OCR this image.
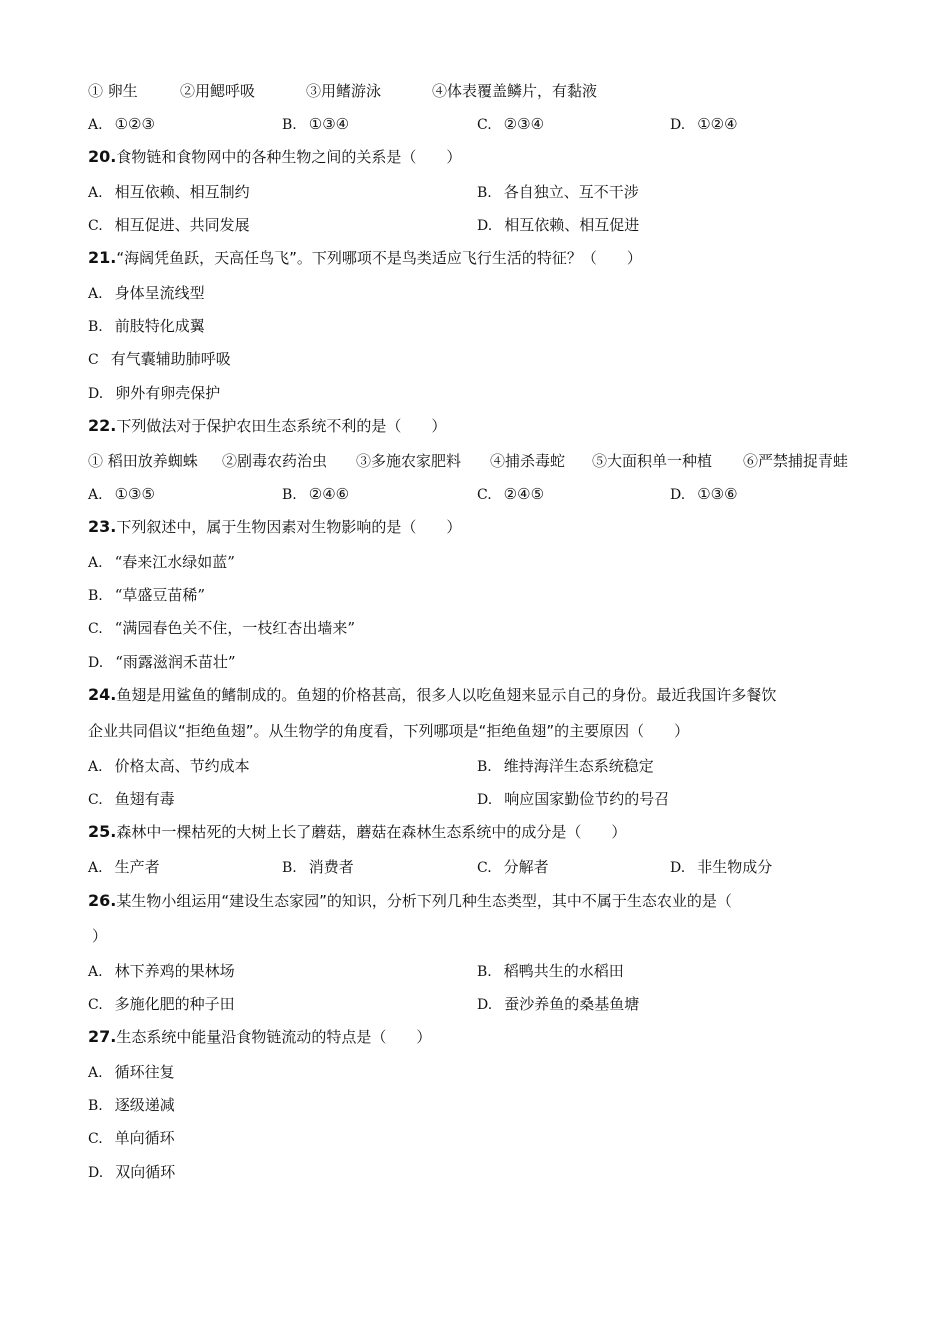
① 卵生	②用鳃呼吸	③用鳍游泳	④体表覆盖鳞片，有黏液
A. ①②③	B. ①③④	C. ②③④	D. ①②④
20.食物链和食物网中的各种生物之间的关系是（　　）
A. 相互依赖、相互制约	B. 各自独立、互不干涉
C. 相互促进、共同发展	D. 相互依赖、相互促进
21.“海阔凭鱼跃，天高任鸟飞”。下列哪项不是鸟类适应飞行生活的特征？（　　）
A. 身体呈流线型
B. 前肢特化成翼
C 有气囊辅助肺呼吸
D. 卵外有卵壳保护
22.下列做法对于保护农田生态系统不利的是（　　）
① 稻田放养蜘蛛 ②剧毒农药治虫 ③多施农家肥料 ④捕杀毒蛇 ⑤大面积单一种植 ⑥严禁捕捉青蛙
A. ①③⑤	B. ②④⑥	C. ②④⑤	D. ①③⑥
23.下列叙述中，属于生物因素对生物影响的是（　　）
A. “春来江水绿如蓝”
B. “草盛豆苗稀”
C. “满园春色关不住，一枝红杏出墙来”
D. “雨露滋润禾苗壮”
24.鱼翅是用鲨鱼的鳍制成的。鱼翅的价格甚高，很多人以吃鱼翅来显示自己的身份。最近我国许多餐饮
企业共同倡议“拒绝鱼翅”。从生物学的角度看，下列哪项是“拒绝鱼翅”的主要原因（　　）
A. 价格太高、节约成本	B. 维持海洋生态系统稳定
C. 鱼翅有毒	D. 响应国家勤俭节约的号召
25.森林中一棵枯死的大树上长了蘑菇，蘑菇在森林生态系统中的成分是（　　）
A. 生产者	B. 消费者	C. 分解者	D. 非生物成分
26.某生物小组运用“建设生态家园”的知识，分析下列几种生态类型，其中不属于生态农业的是（
）
A. 林下养鸡的果林场	B. 稻鸭共生的水稻田
C. 多施化肥的种子田	D. 蚕沙养鱼的桑基鱼塘
27.生态系统中能量沿食物链流动的特点是（　　）
A. 循环往复
B. 逐级递减
C. 单向循环
D. 双向循环
